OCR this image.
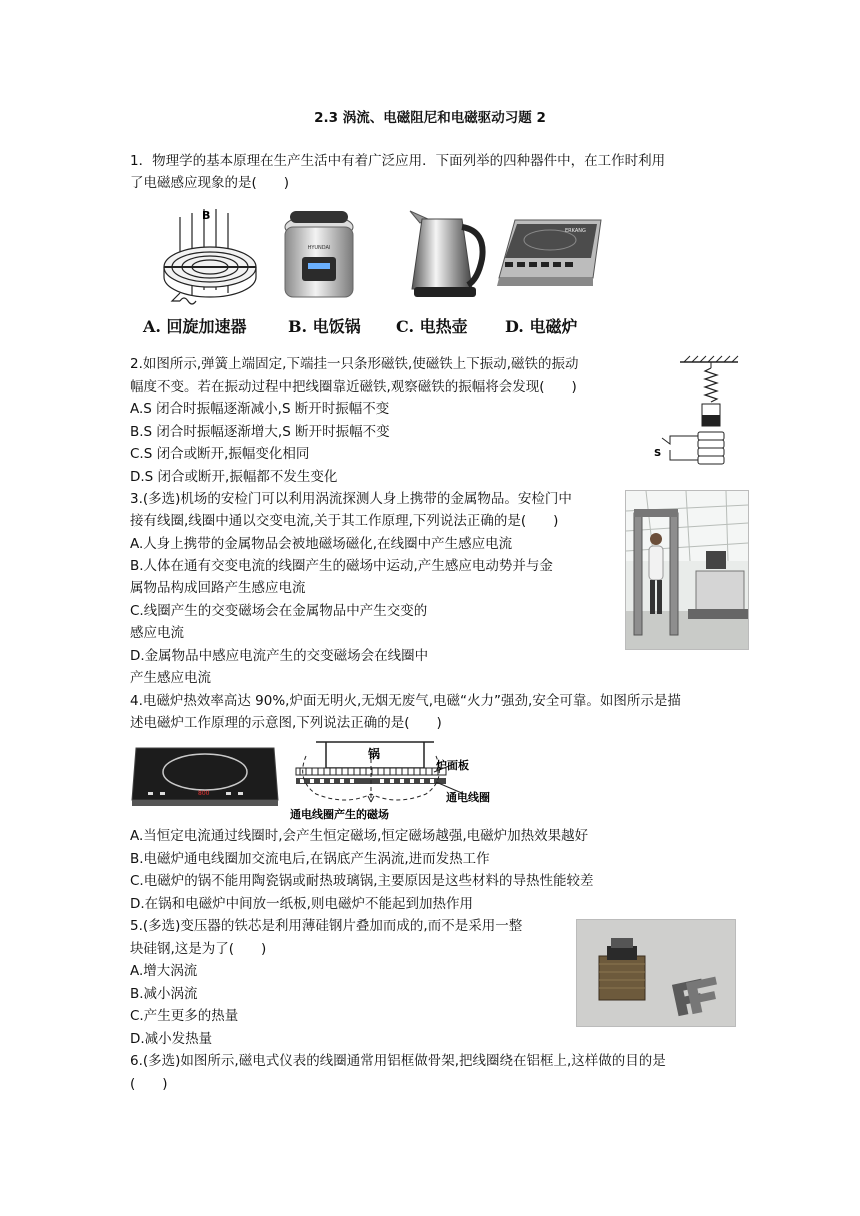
2.3 涡流、电磁阻尼和电磁驱动习题 2
1．物理学的基本原理在生产生活中有着广泛应用．下面列举的四种器件中，在工作时利用
了电磁感应现象的是(　　)
B
HYUNDAI
ERKANG
A. 回旋加速器	B. 电饭锅 C. 电热壶 D. 电磁炉
2.如图所示,弹簧上端固定,下端挂一只条形磁铁,使磁铁上下振动,磁铁的振动
幅度不变。若在振动过程中把线圈靠近磁铁,观察磁铁的振幅将会发现(　　)
A.S 闭合时振幅逐渐减小,S 断开时振幅不变
B.S 闭合时振幅逐渐增大,S 断开时振幅不变
C.S 闭合或断开,振幅变化相同
D.S 闭合或断开,振幅都不发生变化
S
3.(多选)机场的安检门可以利用涡流探测人身上携带的金属物品。安检门中
接有线圈,线圈中通以交变电流,关于其工作原理,下列说法正确的是(　　)
A.人身上携带的金属物品会被地磁场磁化,在线圈中产生感应电流
B.人体在通有交变电流的线圈产生的磁场中运动,产生感应电动势并与金
属物品构成回路产生感应电流
C.线圈产生的交变磁场会在金属物品中产生交变的
感应电流
D.金属物品中感应电流产生的交变磁场会在线圈中
产生感应电流
4.电磁炉热效率高达 90%,炉面无明火,无烟无废气,电磁“火力”强劲,安全可靠。如图所示是描
述电磁炉工作原理的示意图,下列说法正确的是(　　)
800
锅
炉面板
通电线圈
通电线圈产生的磁场
A.当恒定电流通过线圈时,会产生恒定磁场,恒定磁场越强,电磁炉加热效果越好
B.电磁炉通电线圈加交流电后,在锅底产生涡流,进而发热工作
C.电磁炉的锅不能用陶瓷锅或耐热玻璃锅,主要原因是这些材料的导热性能较差
D.在锅和电磁炉中间放一纸板,则电磁炉不能起到加热作用
5.(多选)变压器的铁芯是利用薄硅钢片叠加而成的,而不是采用一整
块硅钢,这是为了(　　)
A.增大涡流
B.减小涡流
C.产生更多的热量
D.减小发热量
6.(多选)如图所示,磁电式仪表的线圈通常用铝框做骨架,把线圈绕在铝框上,这样做的目的是
(　　)
